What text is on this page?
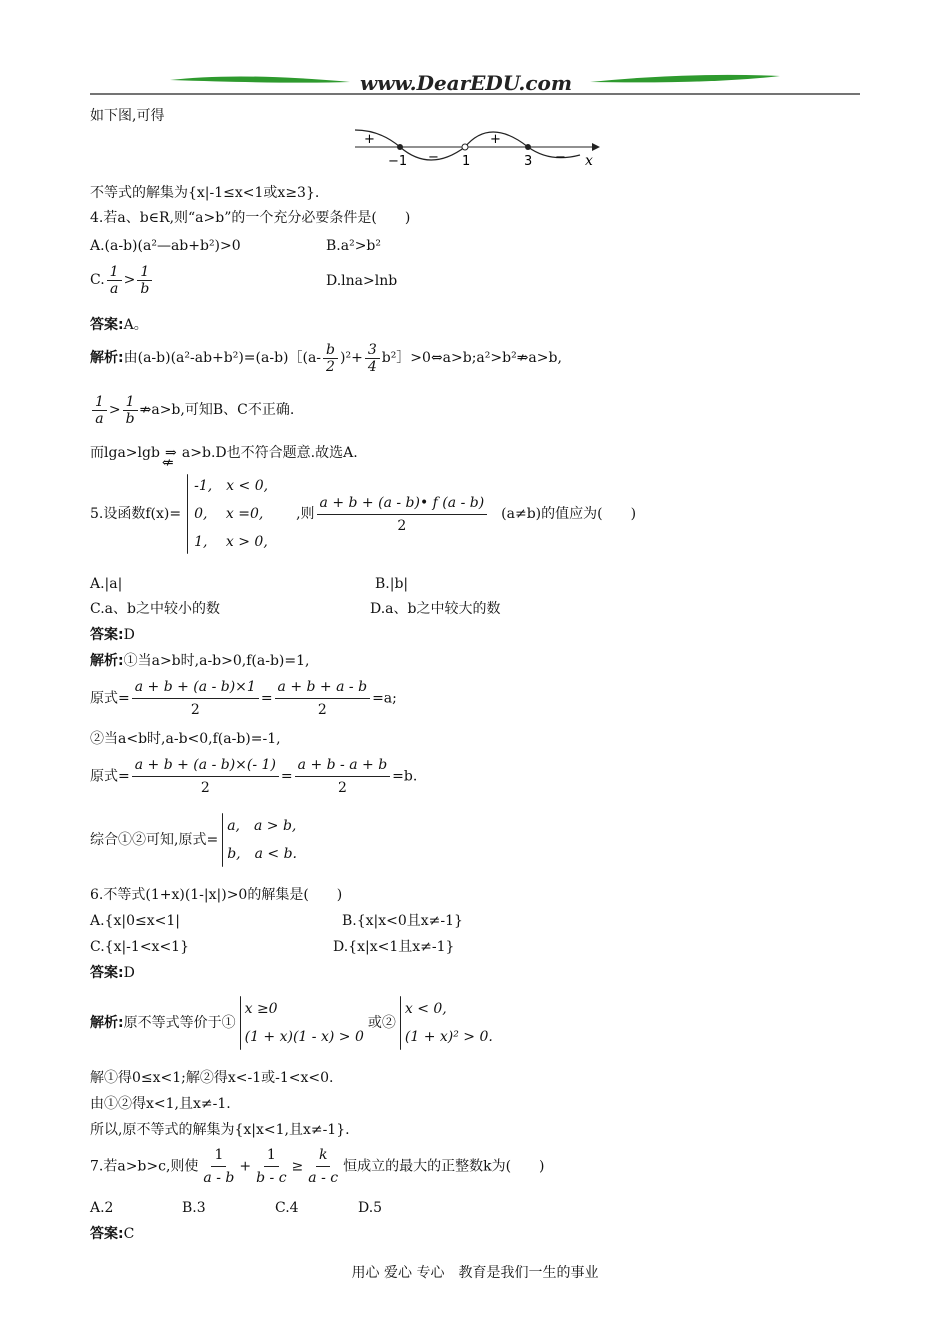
www.DearEDU.com
如下图,可得
+
−1 − 1
+
3 − x
不等式的解集为{x|-1≤x<1或x≥3}.
4.若a、b∈R,则“a>b”的一个充分必要条件是(　　)
A.(a-b)(a²—ab+b²)>0	B.a²>b²
C. $\frac{1}{a} > \frac{1}{b}$	D.lna>lnb
答案:A。
解析:由(a-b)(a²-ab+b²)=(a-b)［(a- $\frac{b}{2} )^2+ \frac{3}{4}$ b²］>0⇔a>b;a²>b²⇏a>b,
$\frac{1}{a} > \frac{1}{b}$ ⇏a>b,可知B、C不正确.
而lga>lgb ⇒
⇍
a>b.D也不符合题意.故选A.
5.设函数f(x)=
-1,　x < 0,
0,　 x =0,
1,　 x > 0,
,则 $\frac{a + b + (a - b)• f (a - b)}{2} (a\ne b)$的值应为(　　)
A.|a|	B.|b|
C.a、b之中较小的数	D.a、b之中较大的数
答案:D
解析:①当a>b时,a-b>0,f(a-b)=1,
原式= $\frac{a + b + (a - b)\times 1}{2} = \frac{a + b + a - b}{2} =a$;
②当a<b时,a-b<0,f(a-b)=-1,
原式= $\frac{a + b + (a - b)\times(- 1)}{2} = \frac{a + b - a + b}{2} =b$.
综合①②可知,原式=
a,　a > b,
b,　a < b.
6.不等式(1+x)(1-|x|)>0的解集是(　　)
A.{x|0≤x<1|	B.{x|x<0且x≠-1}
C.{x|-1<x<1}	D.{x|x<1且x≠-1}
答案:D
解析:原不等式等价于①
x ≥0
(1 + x)(1 - x) > 0
或②
x < 0,
(1 + x)² > 0.
解①得0≤x<1;解②得x<-1或-1<x<0.
由①②得x<1,且x≠-1.
所以,原不等式的解集为{x|x<1,且x≠-1}.
7.若a>b>c,则使 $\frac{1}{a - b} + \frac{1}{b - c} \ge \frac{k}{a - c}$ 恒成立的最大的正整数k为(　　)
A.2	B.3	C.4	D.5
答案:C
用心 爱心 专心　教育是我们一生的事业
